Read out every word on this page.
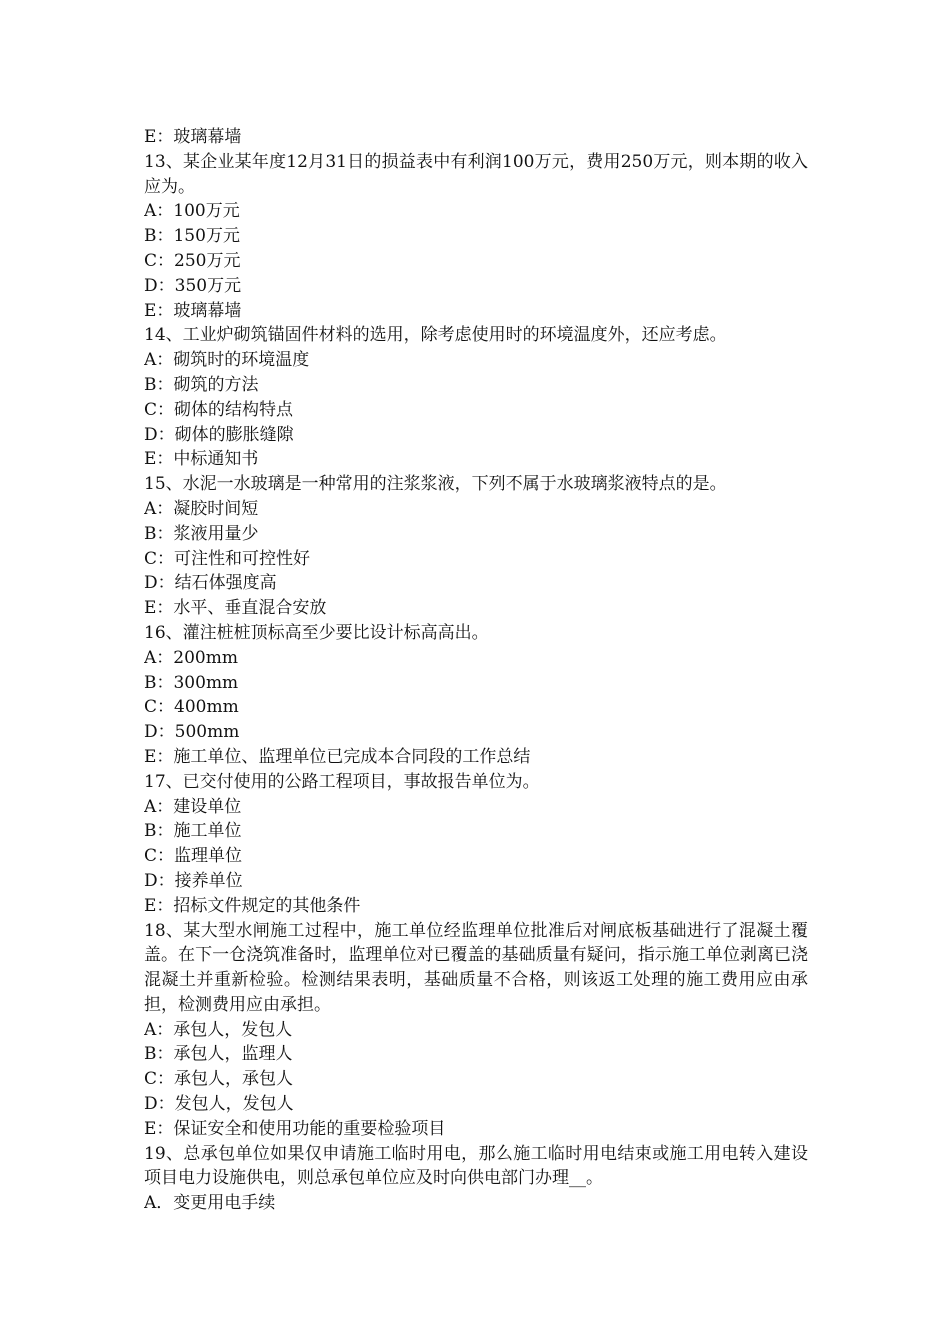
E：玻璃幕墙
13、某企业某年度12月31日的损益表中有利润100万元，费用250万元，则本期的收入应为。
A：100万元
B：150万元
C：250万元
D：350万元
E：玻璃幕墙
14、工业炉砌筑锚固件材料的选用，除考虑使用时的环境温度外，还应考虑。
A：砌筑时的环境温度
B：砌筑的方法
C：砌体的结构特点
D：砌体的膨胀缝隙
E：中标通知书
15、水泥一水玻璃是一种常用的注浆浆液，下列不属于水玻璃浆液特点的是。
A：凝胶时间短
B：浆液用量少
C：可注性和可控性好
D：结石体强度高
E：水平、垂直混合安放
16、灌注桩桩顶标高至少要比设计标高高出。
A：200mm
B：300mm
C：400mm
D：500mm
E：施工单位、监理单位已完成本合同段的工作总结
17、已交付使用的公路工程项目，事故报告单位为。
A：建设单位
B：施工单位
C：监理单位
D：接养单位
E：招标文件规定的其他条件
18、某大型水闸施工过程中，施工单位经监理单位批准后对闸底板基础进行了混凝土覆盖。在下一仓浇筑准备时，监理单位对已覆盖的基础质量有疑问，指示施工单位剥离已浇混凝土并重新检验。检测结果表明，基础质量不合格，则该返工处理的施工费用应由承担，检测费用应由承担。
A：承包人，发包人
B：承包人，监理人
C：承包人，承包人
D：发包人，发包人
E：保证安全和使用功能的重要检验项目
19、总承包单位如果仅申请施工临时用电，那么施工临时用电结束或施工用电转入建设项目电力设施供电，则总承包单位应及时向供电部门办理__。
A．变更用电手续
